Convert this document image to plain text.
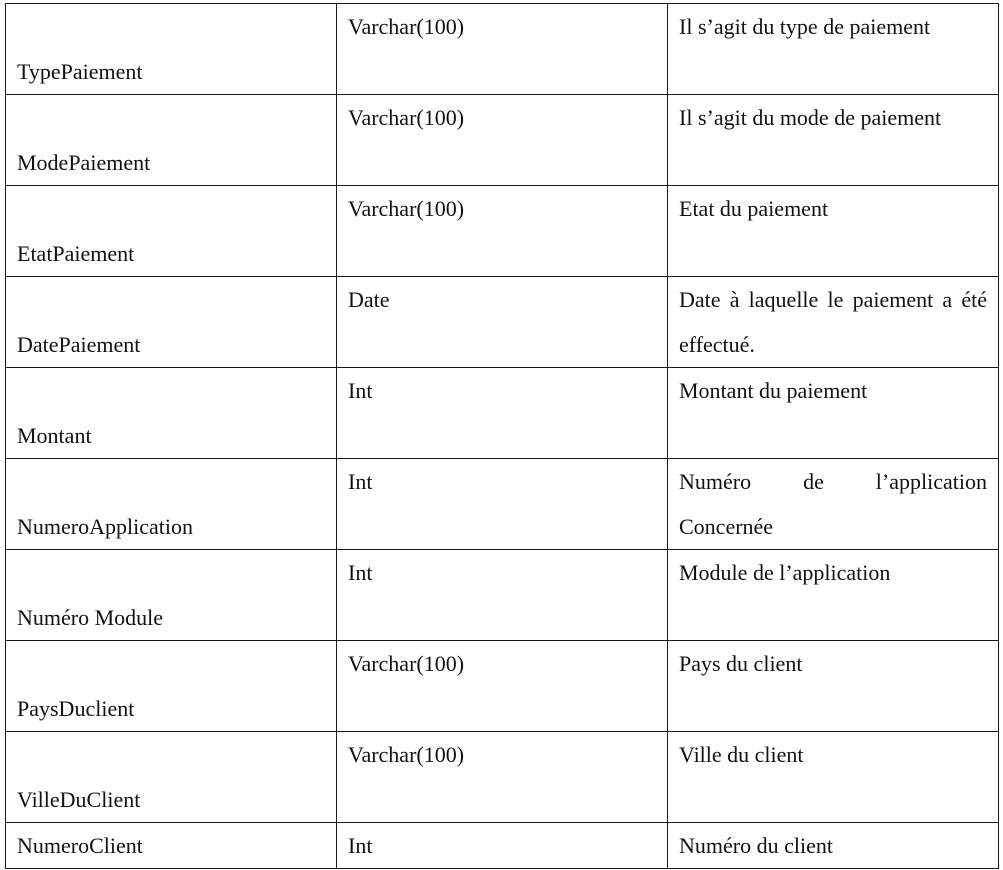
TypePaiement	Varchar(100)	Il s’agit du type de paiement

ModePaiement	Varchar(100)	Il s’agit du mode de paiement

EtatPaiement	Varchar(100)	Etat du paiement

DatePaiement	Date	Date à laquelle le paiement a été effectué.

Montant	Int	Montant du paiement

NumeroApplication	Int	Numéro de l’application Concernée

Numéro Module	Int	Module de l’application

PaysDuclient	Varchar(100)	Pays du client

VilleDuClient	Varchar(100)	Ville du client

NumeroClient	Int	Numéro du client
